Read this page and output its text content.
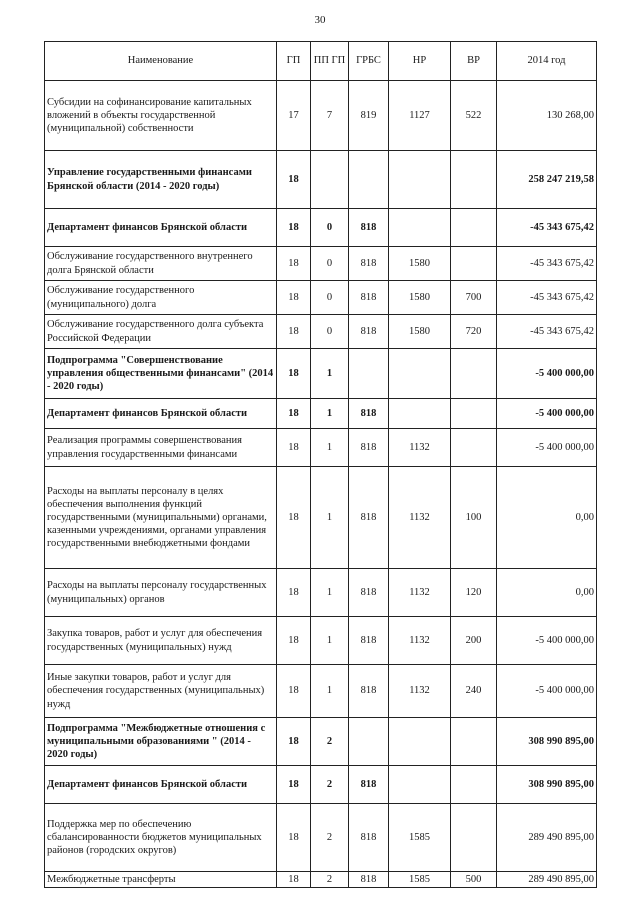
30
Наименование	ГП	ПП ГП	ГРБС	НР	ВР	2014 год
Субсидии на софинансирование капитальных вложений в объекты государственной (муниципальной) собственности	17	7	819	1127	522	130 268,00
Управление государственными финансами Брянской области (2014 - 2020 годы)	18					258 247 219,58
Департамент финансов Брянской области	18	0	818			-45 343 675,42
Обслуживание государственного внутреннего долга Брянской области	18	0	818	1580		-45 343 675,42
Обслуживание государственного (муниципального) долга	18	0	818	1580	700	-45 343 675,42
Обслуживание государственного долга субъекта Российской Федерации	18	0	818	1580	720	-45 343 675,42
Подпрограмма "Совершенствование управления общественными финансами" (2014 - 2020 годы)	18	1				-5 400 000,00
Департамент финансов Брянской области	18	1	818			-5 400 000,00
Реализация программы совершенствования управления государственными финансами	18	1	818	1132		-5 400 000,00
Расходы на выплаты персоналу в целях обеспечения выполнения функций государственными (муниципальными) органами, казенными учреждениями, органами управления государственными внебюджетными фондами	18	1	818	1132	100	0,00
Расходы на выплаты персоналу государственных (муниципальных) органов	18	1	818	1132	120	0,00
Закупка товаров, работ и услуг для обеспечения государственных (муниципальных) нужд	18	1	818	1132	200	-5 400 000,00
Иные закупки товаров, работ и услуг для обеспечения государственных (муниципальных) нужд	18	1	818	1132	240	-5 400 000,00
Подпрограмма "Межбюджетные отношения с муниципальными образованиями " (2014 - 2020 годы)	18	2				308 990 895,00
Департамент финансов Брянской области	18	2	818			308 990 895,00
Поддержка мер по обеспечению сбалансированности бюджетов муниципальных районов (городских округов)	18	2	818	1585		289 490 895,00
Межбюджетные трансферты	18	2	818	1585	500	289 490 895,00
